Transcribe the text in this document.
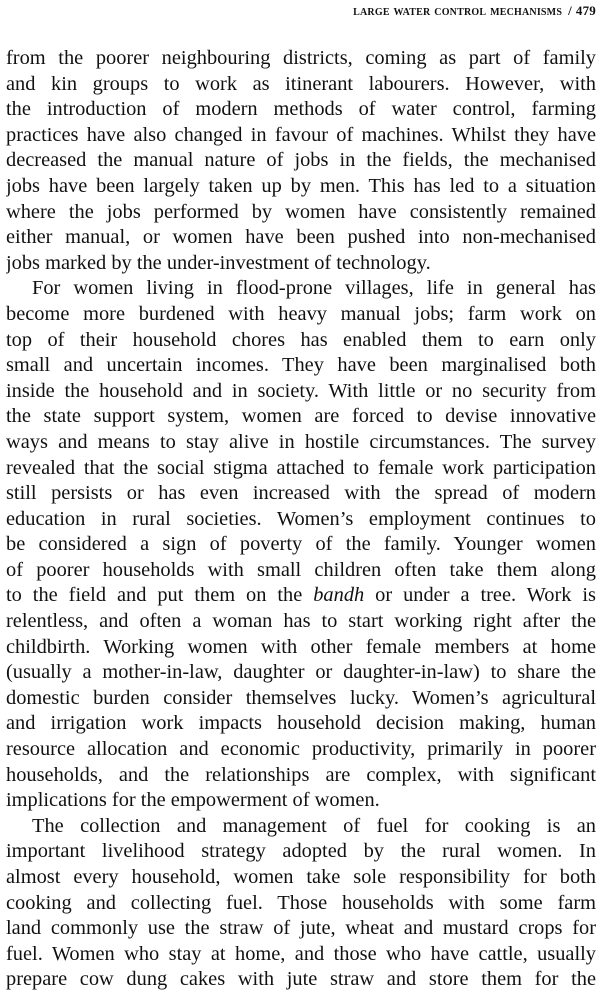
large water control mechanisms / 479
from the poorer neighbouring districts, coming as part of family
and kin groups to work as itinerant labourers. However, with
the introduction of modern methods of water control, farming
practices have also changed in favour of machines. Whilst they have
decreased the manual nature of jobs in the fields, the mechanised
jobs have been largely taken up by men. This has led to a situation
where the jobs performed by women have consistently remained
either manual, or women have been pushed into non-mechanised
jobs marked by the under-investment of technology.
For women living in flood-prone villages, life in general has
become more burdened with heavy manual jobs; farm work on
top of their household chores has enabled them to earn only
small and uncertain incomes. They have been marginalised both
inside the household and in society. With little or no security from
the state support system, women are forced to devise innovative
ways and means to stay alive in hostile circumstances. The survey
revealed that the social stigma attached to female work participation
still persists or has even increased with the spread of modern
education in rural societies. Women’s employment continues to
be considered a sign of poverty of the family. Younger women
of poorer households with small children often take them along
to the field and put them on the bandh or under a tree. Work is
relentless, and often a woman has to start working right after the
childbirth. Working women with other female members at home
(usually a mother-in-law, daughter or daughter-in-law) to share the
domestic burden consider themselves lucky. Women’s agricultural
and irrigation work impacts household decision making, human
resource allocation and economic productivity, primarily in poorer
households, and the relationships are complex, with significant
implications for the empowerment of women.
The collection and management of fuel for cooking is an
important livelihood strategy adopted by the rural women. In
almost every household, women take sole responsibility for both
cooking and collecting fuel. Those households with some farm
land commonly use the straw of jute, wheat and mustard crops for
fuel. Women who stay at home, and those who have cattle, usually
prepare cow dung cakes with jute straw and store them for the
